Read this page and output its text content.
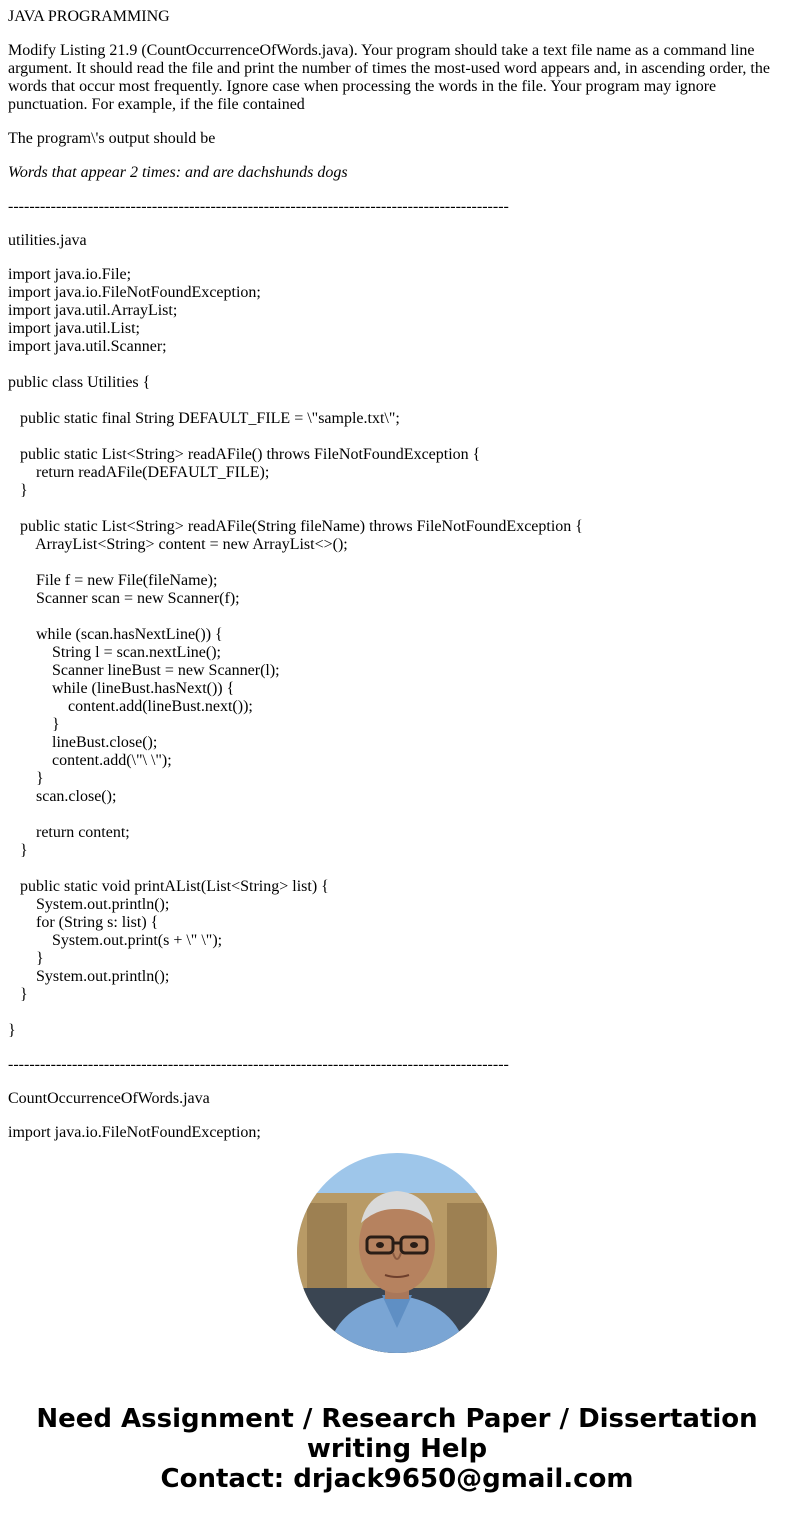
JAVA PROGRAMMING

Modify Listing 21.9 (CountOccurrenceOfWords.java). Your program should take a text file name as a command line argument. It should read the file and print the number of times the most-used word appears and, in ascending order, the words that occur most frequently. Ignore case when processing the words in the file. Your program may ignore punctuation. For example, if the file contained

The program\'s output should be

Words that appear 2 times: and are dachshunds dogs

----------------------------------------------------------------------------------------------

utilities.java

import java.io.File;
import java.io.FileNotFoundException;
import java.util.ArrayList;
import java.util.List;
import java.util.Scanner;
public class Utilities {
public static final String DEFAULT_FILE = \"sample.txt\";
public static List<String> readAFile() throws FileNotFoundException {
return readAFile(DEFAULT_FILE);
}
public static List<String> readAFile(String fileName) throws FileNotFoundException {
ArrayList<String> content = new ArrayList<>();
File f = new File(fileName);
Scanner scan = new Scanner(f);
while (scan.hasNextLine()) {
String l = scan.nextLine();
Scanner lineBust = new Scanner(l);
while (lineBust.hasNext()) {
content.add(lineBust.next());
}
lineBust.close();
content.add(\"\ \");
}
scan.close();
return content;
}
public static void printAList(List<String> list) {
System.out.println();
for (String s: list) {
System.out.print(s + \" \");
}
System.out.println();
}
}

----------------------------------------------------------------------------------------------

CountOccurrenceOfWords.java

import java.io.FileNotFoundException;
Need Assignment / Research Paper / Dissertation
writing Help
Contact: drjack9650@gmail.com
